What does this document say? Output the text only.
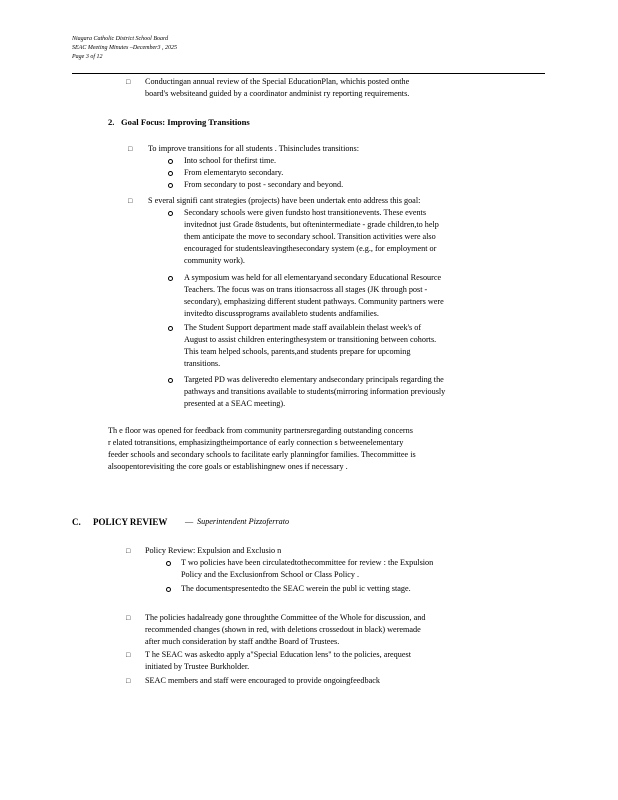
Niagara Catholic District School Board
SEAC Meeting Minutes –December3 , 2025
Page 3 of 12
□ Conductingan annual review of the Special EducationPlan, whichis posted onthe
board's websiteand guided by a coordinator andminist ry reporting requirements.
2. Goal Focus: Improving Transitions
□ To improve transitions for all students . Thisincludes transitions:
Into school for thefirst time.
From elementaryto secondary.
From secondary to post - secondary and beyond.
□ S everal signifi cant strategies (projects) have been undertak ento address this goal:
Secondary schools were given fundsto host transitionevents. These events
invitednot just Grade 8students, but oftenintermediate - grade children,to help
them anticipate the move to secondary school. Transition activities were also
encouraged for studentsleavingthesecondary system (e.g., for employment or
community work).
A symposium was held for all elementaryand secondary Educational Resource
Teachers. The focus was on trans itionsacross all stages (JK through post -
secondary), emphasizing different student pathways. Community partners were
invitedto discussprograms availableto students andfamilies.
The Student Support department made staff availablein thelast week's of
August to assist children enteringthesystem or transitioning between cohorts.
This team helped schools, parents,and students prepare for upcoming
transitions.
Targeted PD was deliveredto elementary andsecondary principals regarding the
pathways and transitions available to students(mirroring information previously
presented at a SEAC meeting).
Th e floor was opened for feedback from community partnersregarding outstanding concerns
r elated totransitions, emphasizingtheimportance of early connection s betweenelementary
feeder schools and secondary schools to facilitate early planningfor families. Thecommittee is
alsoopentorevisiting the core goals or establishingnew ones if necessary .
C. POLICY REVIEW — Superintendent Pizzoferrato
□ Policy Review: Expulsion and Exclusio n
T wo policies have been circulatedtothecommittee for review : the Expulsion
Policy and the Exclusionfrom School or Class Policy .
The documentspresentedto the SEAC werein the publ ic vetting stage.
□ The policies hadalready gone throughthe Committee of the Whole for discussion, and
recommended changes (shown in red, with deletions crossedout in black) weremade
after much consideration by staff andthe Board of Trustees.
□ T he SEAC was askedto apply a"Special Education lens" to the policies, arequest
initiated by Trustee Burkholder.
□ SEAC members and staff were encouraged to provide ongoingfeedback
